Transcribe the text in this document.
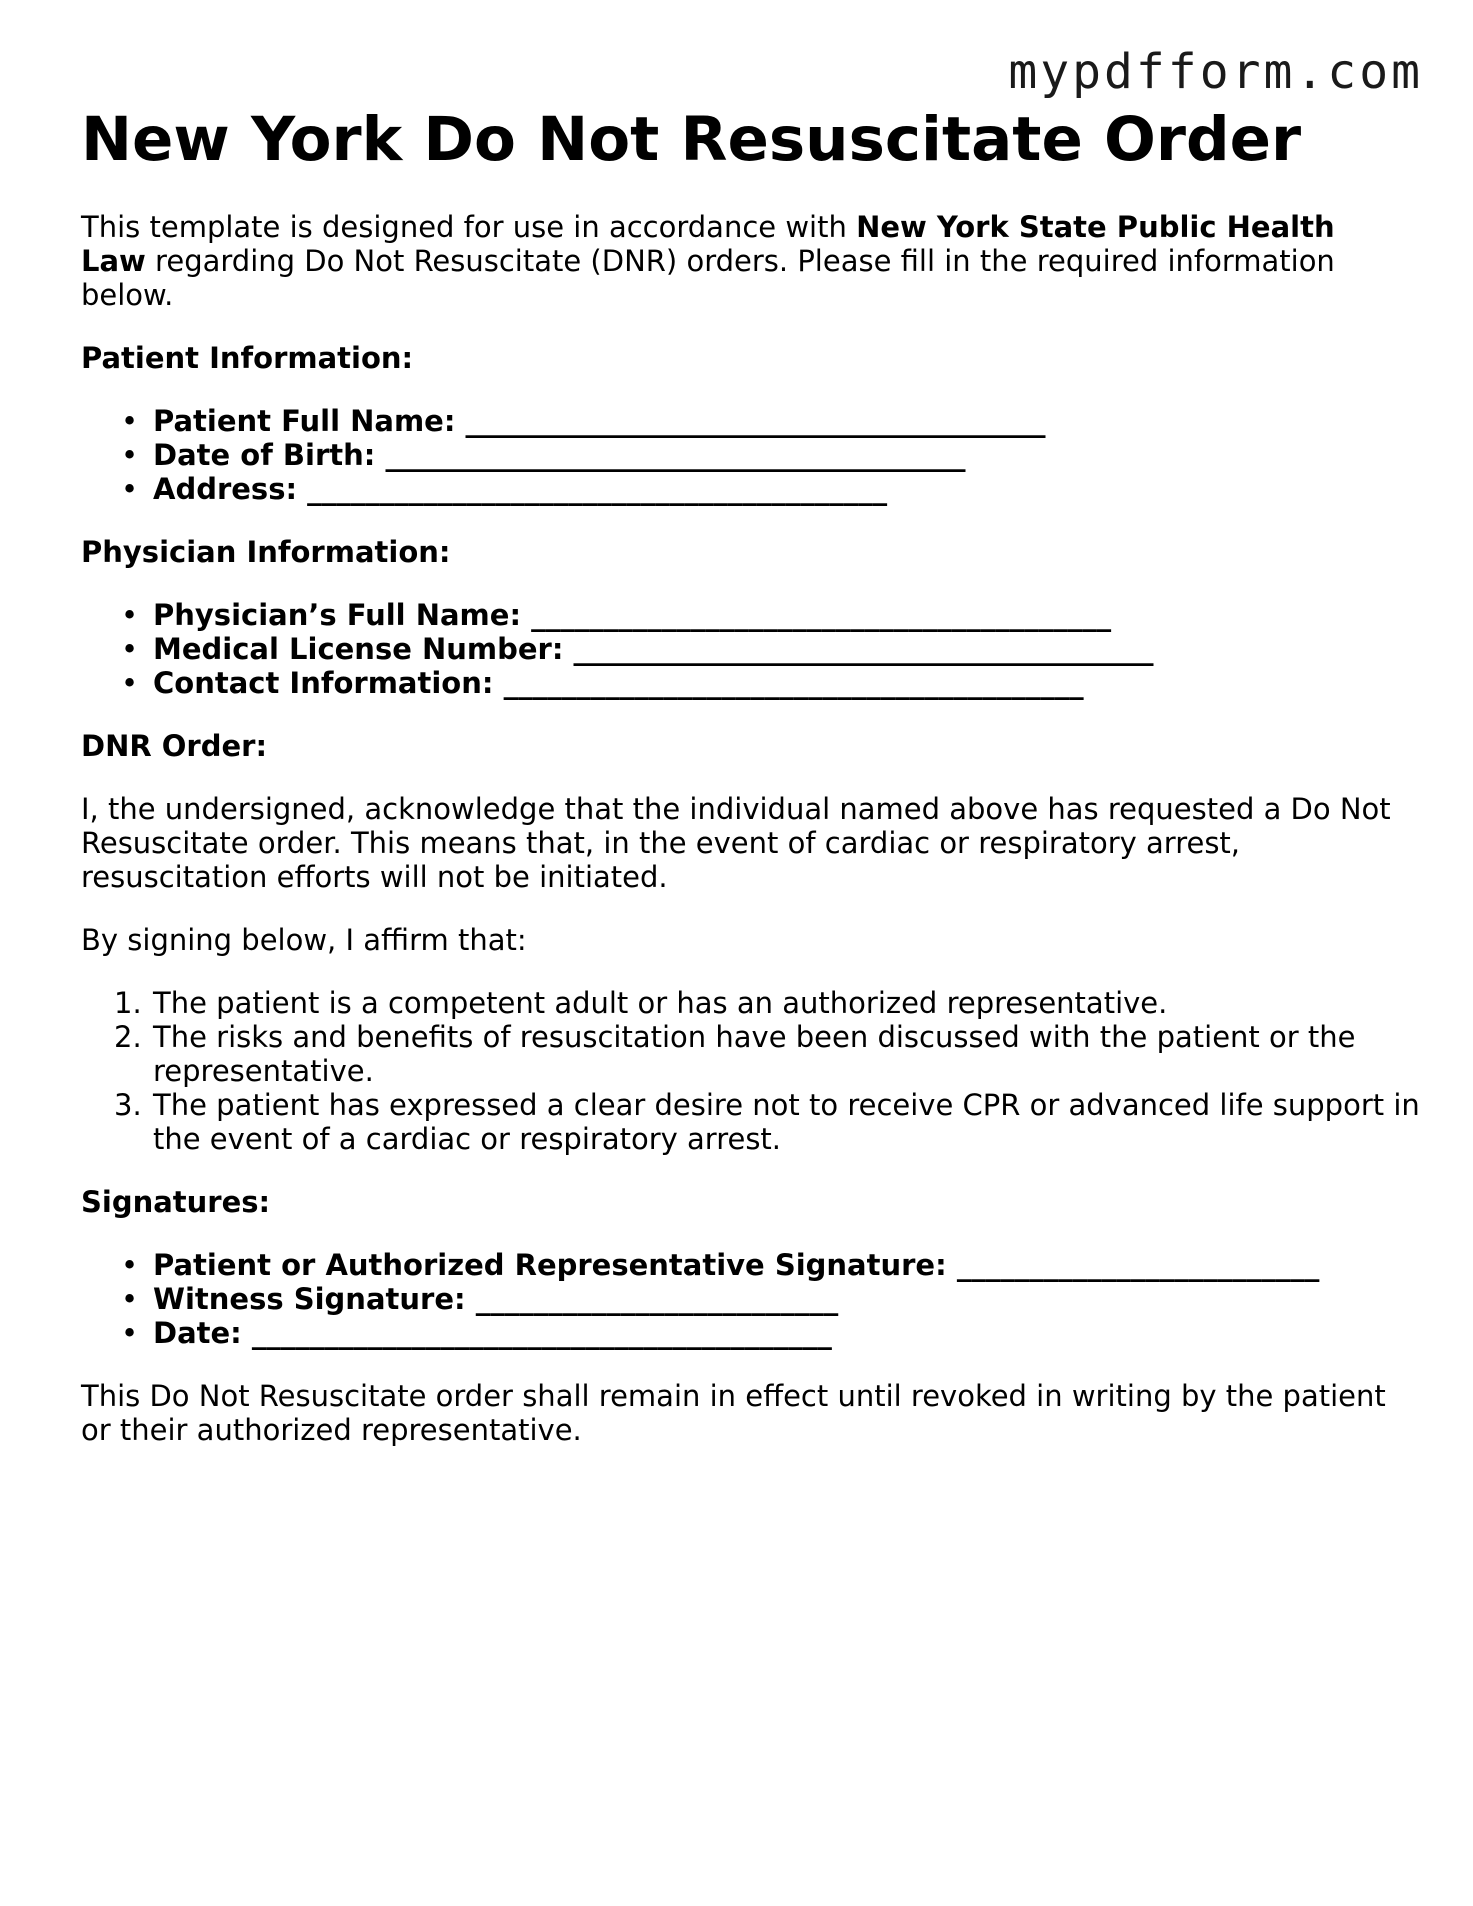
mypdfform.com
New York Do Not Resuscitate Order

This template is designed for use in accordance with New York State Public Health Law regarding Do Not Resuscitate (DNR) orders. Please fill in the required information below.

Patient Information:

• Patient Full Name: ________________________________________
• Date of Birth: ________________________________________
• Address: ________________________________________

Physician Information:

• Physician’s Full Name: ________________________________________
• Medical License Number: ________________________________________
• Contact Information: ________________________________________

DNR Order:

I, the undersigned, acknowledge that the individual named above has requested a Do Not Resuscitate order. This means that, in the event of cardiac or respiratory arrest, resuscitation efforts will not be initiated.

By signing below, I affirm that:

1. The patient is a competent adult or has an authorized representative.
2. The risks and benefits of resuscitation have been discussed with the patient or the representative.
3. The patient has expressed a clear desire not to receive CPR or advanced life support in the event of a cardiac or respiratory arrest.

Signatures:

• Patient or Authorized Representative Signature: _________________________
• Witness Signature: _________________________
• Date: ________________________________________

This Do Not Resuscitate order shall remain in effect until revoked in writing by the patient or their authorized representative.
